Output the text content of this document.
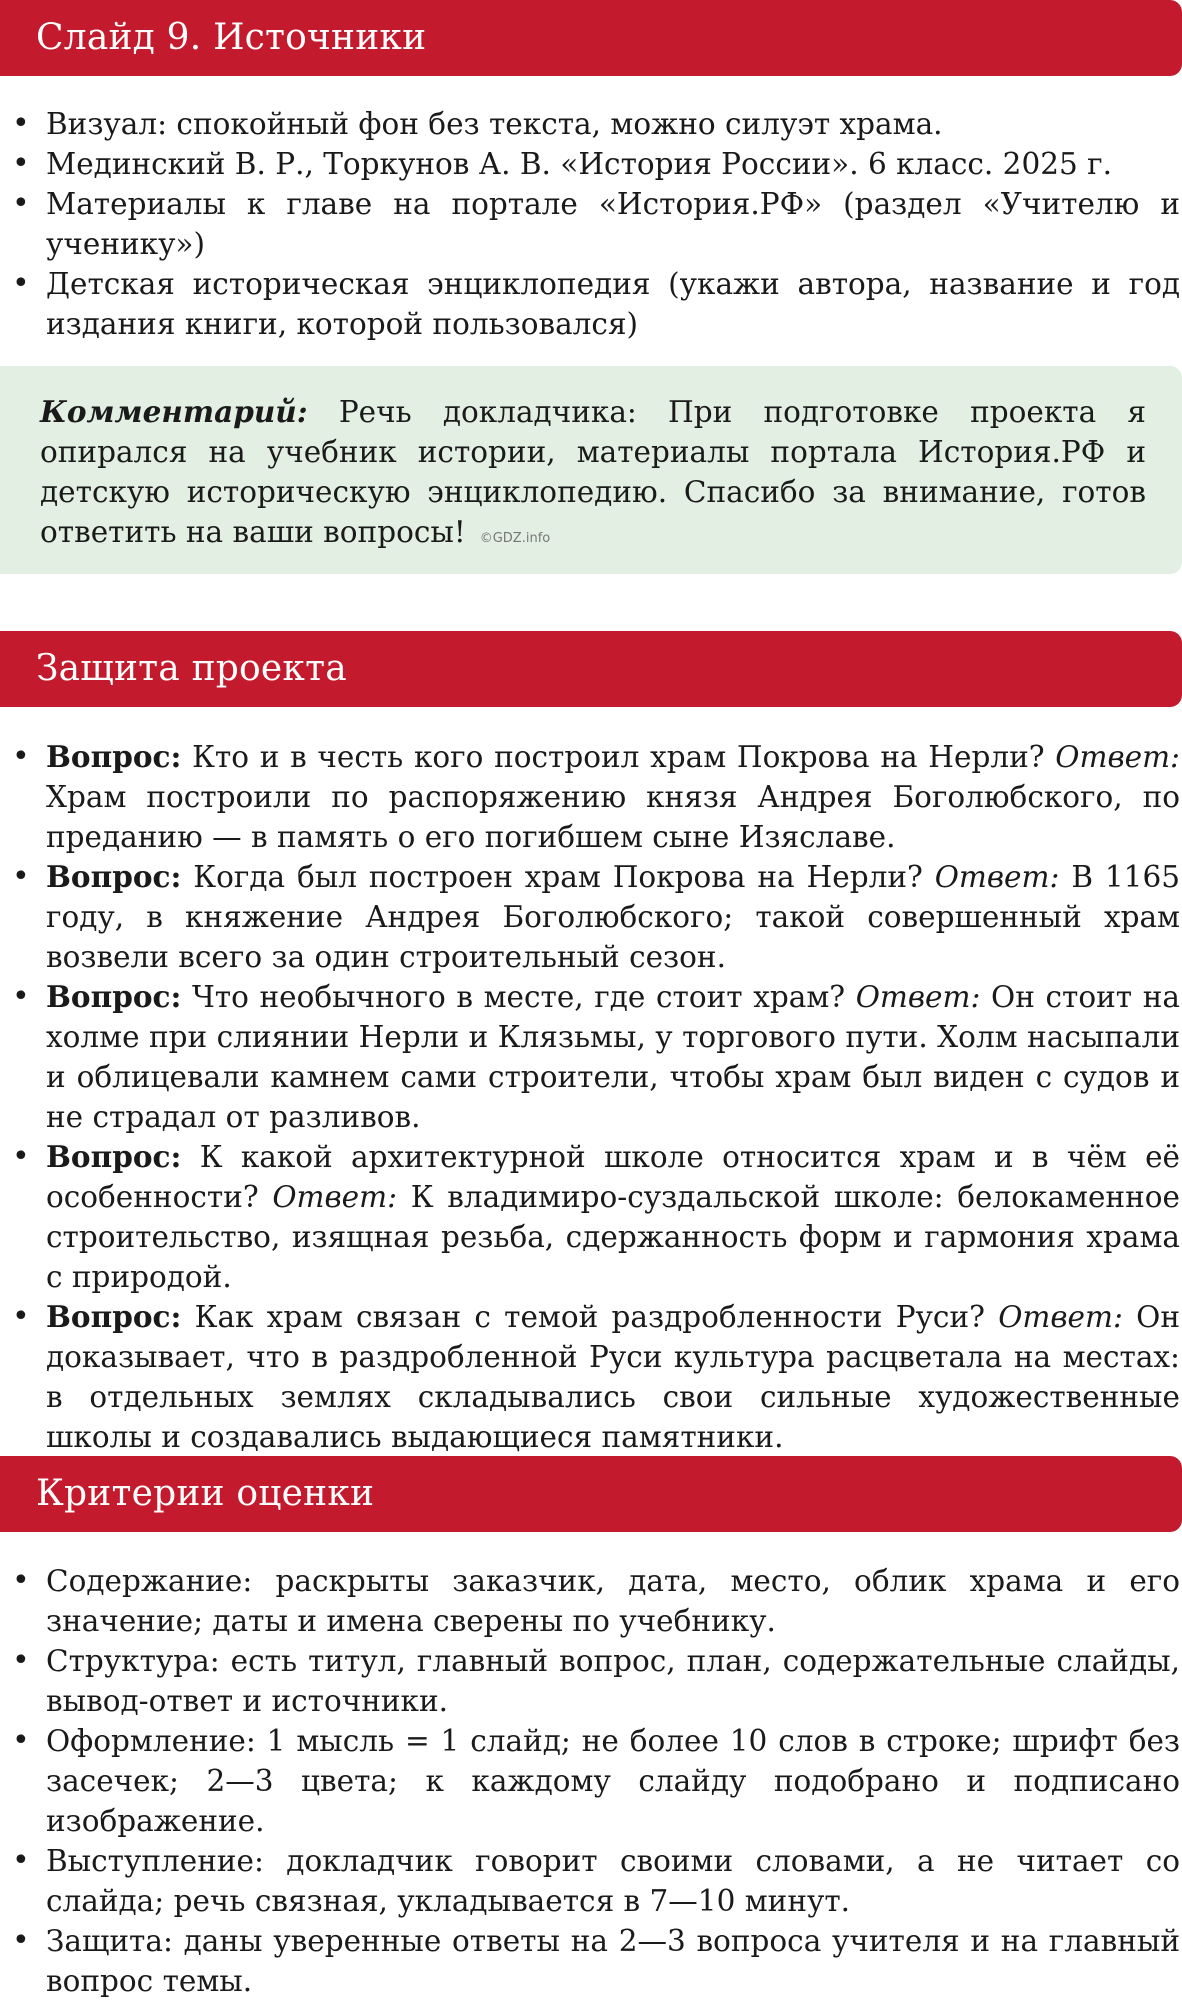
Слайд 9. Источники
• Визуал: спокойный фон без текста, можно силуэт храма.
• Мединский В. Р., Торкунов А. В. «История России». 6 класс. 2025 г.
• Материалы к главе на портале «История.РФ» (раздел «Учителю и ученику»)
• Детская историческая энциклопедия (укажи автора, название и год издания книги, которой пользовался)
Комментарий: Речь докладчика: При подготовке проекта я опирался на учебник истории, материалы портала История.РФ и детскую историческую энциклопедию. Спасибо за внимание, готов ответить на ваши вопросы! ©GDZ.info
Защита проекта
• Вопрос: Кто и в честь кого построил храм Покрова на Нерли? Ответ: Храм построили по распоряжению князя Андрея Боголюбского, по преданию — в память о его погибшем сыне Изяславе.
• Вопрос: Когда был построен храм Покрова на Нерли? Ответ: В 1165 году, в княжение Андрея Боголюбского; такой совершенный храм возвели всего за один строительный сезон.
• Вопрос: Что необычного в месте, где стоит храм? Ответ: Он стоит на холме при слиянии Нерли и Клязьмы, у торгового пути. Холм насыпали и облицевали камнем сами строители, чтобы храм был виден с судов и не страдал от разливов.
• Вопрос: К какой архитектурной школе относится храм и в чём её особенности? Ответ: К владимиро-суздальской школе: белокаменное строительство, изящная резьба, сдержанность форм и гармония храма с природой.
• Вопрос: Как храм связан с темой раздробленности Руси? Ответ: Он доказывает, что в раздробленной Руси культура расцветала на местах: в отдельных землях складывались свои сильные художественные школы и создавались выдающиеся памятники.
Критерии оценки
• Содержание: раскрыты заказчик, дата, место, облик храма и его значение; даты и имена сверены по учебнику.
• Структура: есть титул, главный вопрос, план, содержательные слайды, вывод-ответ и источники.
• Оформление: 1 мысль = 1 слайд; не более 10 слов в строке; шрифт без засечек; 2—3 цвета; к каждому слайду подобрано и подписано изображение.
• Выступление: докладчик говорит своими словами, а не читает со слайда; речь связная, укладывается в 7—10 минут.
• Защита: даны уверенные ответы на 2—3 вопроса учителя и на главный вопрос темы.
